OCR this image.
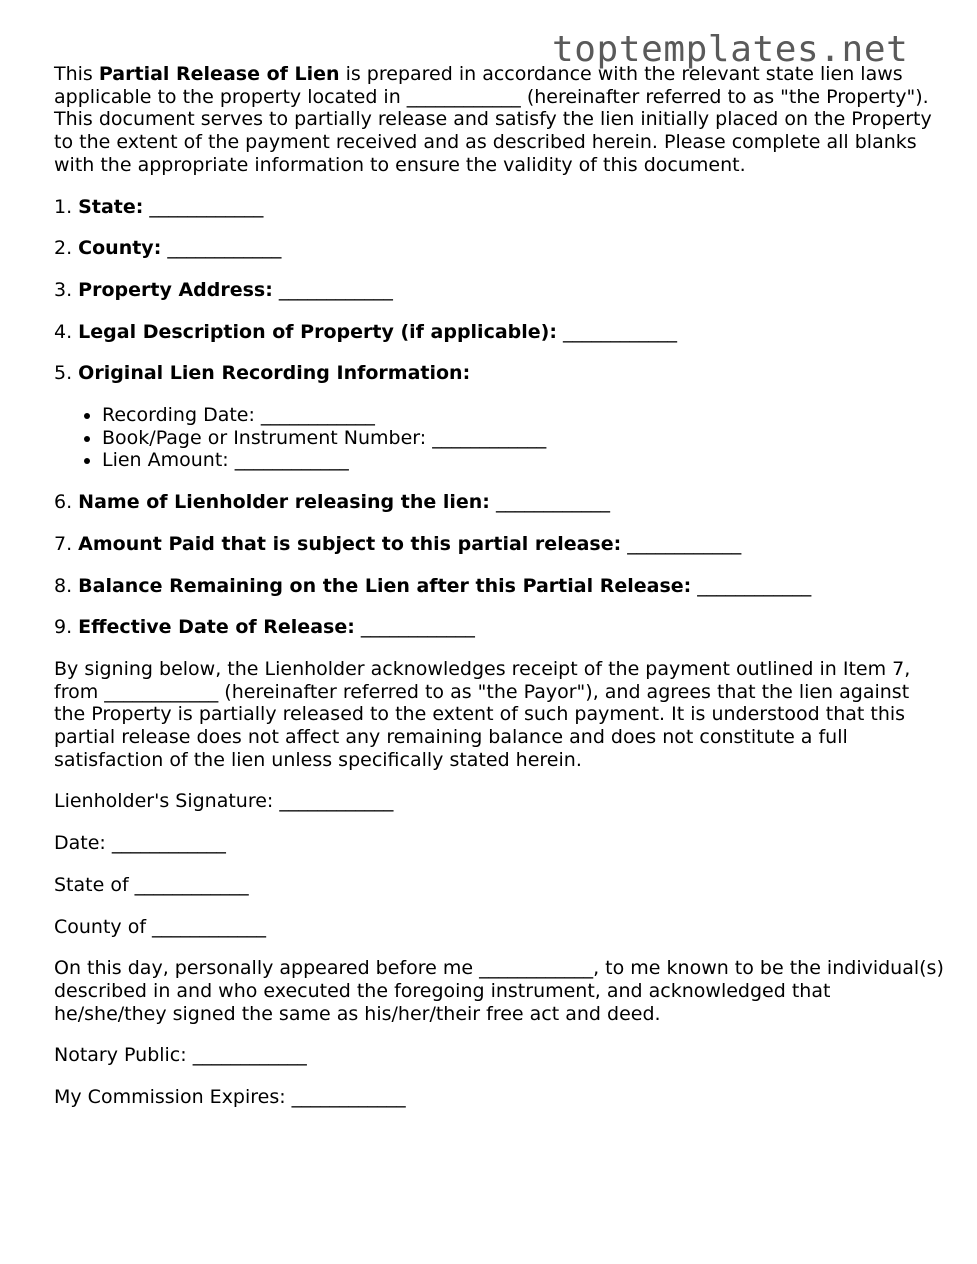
toptemplates.net

This Partial Release of Lien is prepared in accordance with the relevant state lien laws applicable to the property located in ____________ (hereinafter referred to as "the Property"). This document serves to partially release and satisfy the lien initially placed on the Property to the extent of the payment received and as described herein. Please complete all blanks with the appropriate information to ensure the validity of this document.

1. State: ____________
2. County: ____________
3. Property Address: ____________
4. Legal Description of Property (if applicable): ____________
5. Original Lien Recording Information:
• Recording Date: ____________
• Book/Page or Instrument Number: ____________
• Lien Amount: ____________
6. Name of Lienholder releasing the lien: ____________
7. Amount Paid that is subject to this partial release: ____________
8. Balance Remaining on the Lien after this Partial Release: ____________
9. Effective Date of Release: ____________

By signing below, the Lienholder acknowledges receipt of the payment outlined in Item 7, from ____________ (hereinafter referred to as "the Payor"), and agrees that the lien against the Property is partially released to the extent of such payment. It is understood that this partial release does not affect any remaining balance and does not constitute a full satisfaction of the lien unless specifically stated herein.

Lienholder's Signature: ____________
Date: ____________
State of ____________
County of ____________

On this day, personally appeared before me ____________, to me known to be the individual(s) described in and who executed the foregoing instrument, and acknowledged that he/she/they signed the same as his/her/their free act and deed.

Notary Public: ____________
My Commission Expires: ____________
